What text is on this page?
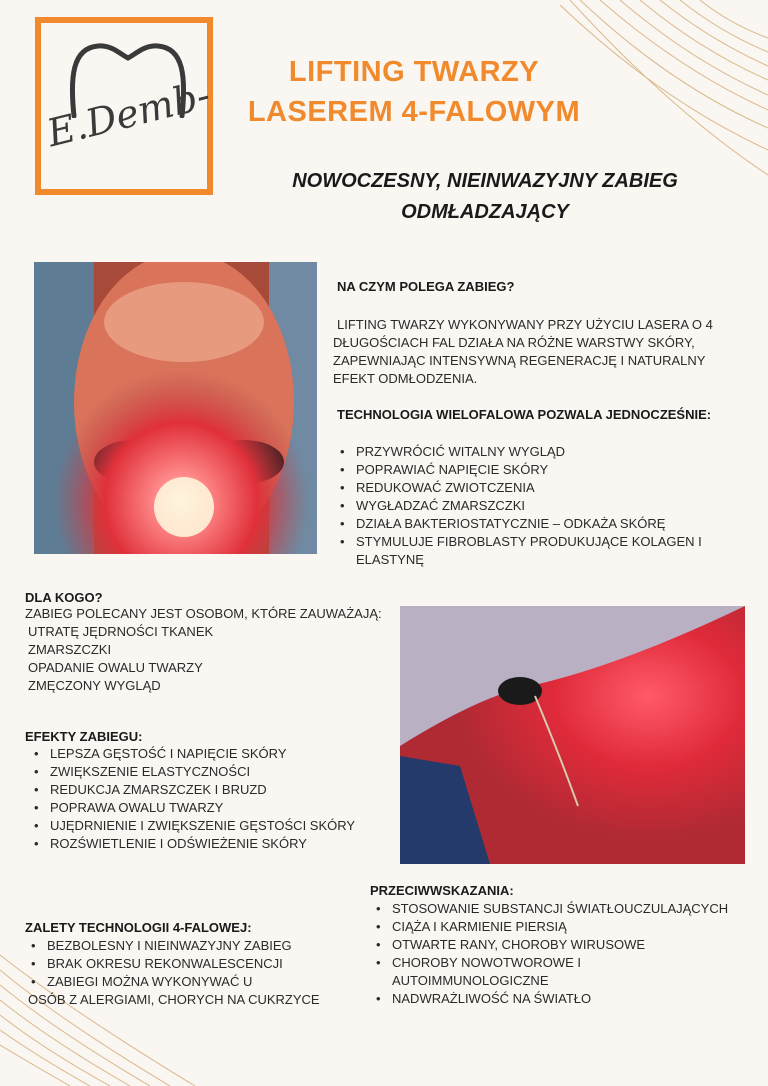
E.Demb-
LIFTING TWARZY
LASEREM 4-FALOWYM
NOWOCZESNY, NIEINWAZYJNY ZABIEG
ODMŁADZAJĄCY
NA CZYM POLEGA ZABIEG?
LIFTING TWARZY WYKONYWANY PRZY UŻYCIU LASERA O 4
DŁUGOŚCIACH FAL DZIAŁA NA RÓŻNE WARSTWY SKÓRY,
ZAPEWNIAJĄC INTENSYWNĄ REGENERACJĘ I NATURALNY
EFEKT ODMŁODZENIA.
TECHNOLOGIA WIELOFALOWA POZWALA JEDNOCZEŚNIE:
• PRZYWRÓCIĆ WITALNY WYGLĄD
• POPRAWIAĆ NAPIĘCIE SKÓRY
• REDUKOWAĆ ZWIOTCZENIA
• WYGŁADZAĆ ZMARSZCZKI
• DZIAŁA BAKTERIOSTATYCZNIE – ODKAŻA SKÓRĘ
• STYMULUJE FIBROBLASTY PRODUKUJĄCE KOLAGEN I
ELASTYNĘ
DLA KOGO?
ZABIEG POLECANY JEST OSOBOM, KTÓRE ZAUWAŻAJĄ:
UTRATĘ JĘDRNOŚCI TKANEK
ZMARSZCZKI
OPADANIE OWALU TWARZY
ZMĘCZONY WYGLĄD
EFEKTY ZABIEGU:
• LEPSZA GĘSTOŚĆ I NAPIĘCIE SKÓRY
• ZWIĘKSZENIE ELASTYCZNOŚCI
• REDUKCJA ZMARSZCZEK I BRUZD
• POPRAWA OWALU TWARZY
• UJĘDRNIENIE I ZWIĘKSZENIE GĘSTOŚCI SKÓRY
• ROZŚWIETLENIE I ODŚWIEŻENIE SKÓRY
PRZECIWWSKAZANIA:
• STOSOWANIE SUBSTANCJI ŚWIATŁOUCZULAJĄCYCH
• CIĄŻA I KARMIENIE PIERSIĄ
• OTWARTE RANY, CHOROBY WIRUSOWE
• CHOROBY NOWOTWOROWE I
AUTOIMMUNOLOGICZNE
• NADWRAŻLIWOŚĆ NA ŚWIATŁO
ZALETY TECHNOLOGII 4-FALOWEJ:
• BEZBOLESNY I NIEINWAZYJNY ZABIEG
• BRAK OKRESU REKONWALESCENCJI
• ZABIEGI MOŻNA WYKONYWAĆ U
OSÓB Z ALERGIAMI, CHORYCH NA CUKRZYCE
